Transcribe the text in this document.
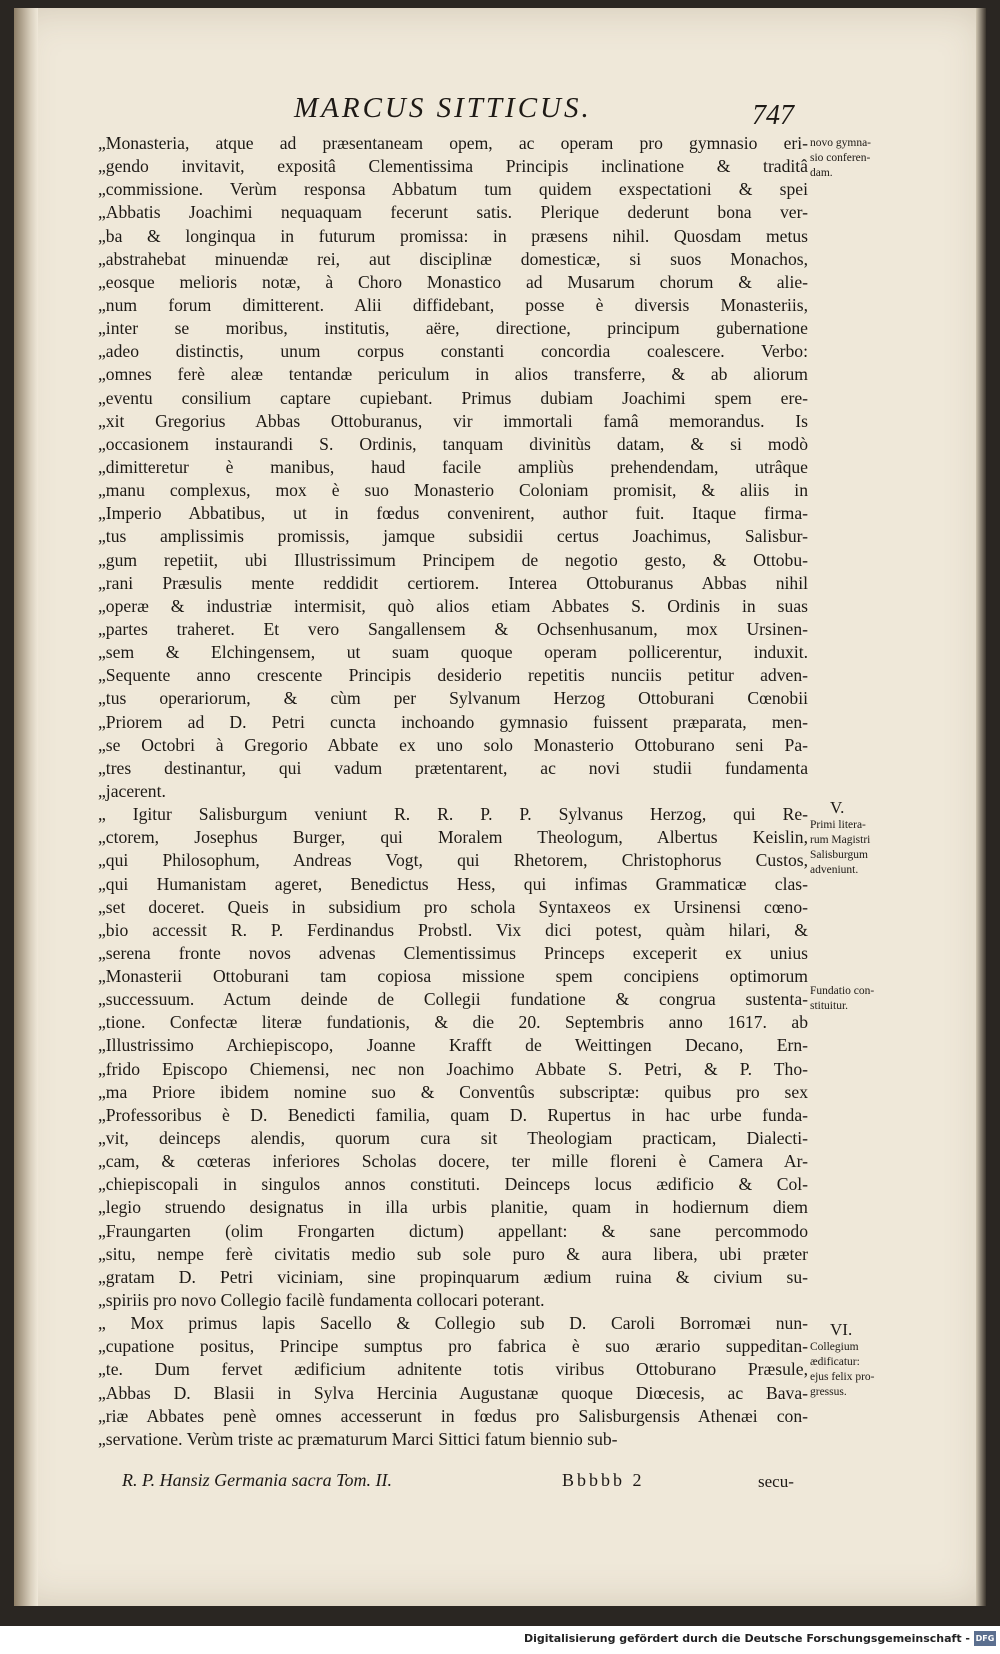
MARCUS SITTICUS.	747
„Monasteria, atque ad præsentaneam opem, ac operam pro gymnasio eri-
„gendo invitavit, expositâ Clementissima Principis inclinatione & traditâ
„commissione. Verùm responsa Abbatum tum quidem exspectationi & spei
„Abbatis Joachimi nequaquam fecerunt satis. Plerique dederunt bona ver-
„ba & longinqua in futurum promissa: in præsens nihil. Quosdam metus
„abstrahebat minuendæ rei, aut disciplinæ domesticæ, si suos Monachos,
„eosque melioris notæ, à Choro Monastico ad Musarum chorum & alie-
„num forum dimitterent. Alii diffidebant, posse è diversis Monasteriis,
„inter se moribus, institutis, aëre, directione, principum gubernatione
„adeo distinctis, unum corpus constanti concordia coalescere. Verbo:
„omnes ferè aleæ tentandæ periculum in alios transferre, & ab aliorum
„eventu consilium captare cupiebant. Primus dubiam Joachimi spem ere-
„xit Gregorius Abbas Ottoburanus, vir immortali famâ memorandus. Is
„occasionem instaurandi S. Ordinis, tanquam divinitùs datam, & si modò
„dimitteretur è manibus, haud facile ampliùs prehendendam, utrâque
„manu complexus, mox è suo Monasterio Coloniam promisit, & aliis in
„Imperio Abbatibus, ut in fœdus convenirent, author fuit. Itaque firma-
„tus amplissimis promissis, jamque subsidii certus Joachimus, Salisbur-
„gum repetiit, ubi Illustrissimum Principem de negotio gesto, & Ottobu-
„rani Præsulis mente reddidit certiorem. Interea Ottoburanus Abbas nihil
„operæ & industriæ intermisit, quò alios etiam Abbates S. Ordinis in suas
„partes traheret. Et vero Sangallensem & Ochsenhusanum, mox Ursinen-
„sem & Elchingensem, ut suam quoque operam pollicerentur, induxit.
„Sequente anno crescente Principis desiderio repetitis nunciis petitur adven-
„tus operariorum, & cùm per Sylvanum Herzog Ottoburani Cœnobii
„Priorem ad D. Petri cuncta inchoando gymnasio fuissent præparata, men-
„se Octobri à Gregorio Abbate ex uno solo Monasterio Ottoburano seni Pa-
„tres destinantur, qui vadum prætentarent, ac novi studii fundamenta
„jacerent.
„ Igitur Salisburgum veniunt R. R. P. P. Sylvanus Herzog, qui Re-
„ctorem, Josephus Burger, qui Moralem Theologum, Albertus Keislin,
„qui Philosophum, Andreas Vogt, qui Rhetorem, Christophorus Custos,
„qui Humanistam ageret, Benedictus Hess, qui infimas Grammaticæ clas-
„set doceret. Queis in subsidium pro schola Syntaxeos ex Ursinensi cœno-
„bio accessit R. P. Ferdinandus Probstl. Vix dici potest, quàm hilari, &
„serena fronte novos advenas Clementissimus Princeps exceperit ex unius
„Monasterii Ottoburani tam copiosa missione spem concipiens optimorum
„successuum. Actum deinde de Collegii fundatione & congrua sustenta-
„tione. Confectæ literæ fundationis, & die 20. Septembris anno 1617. ab
„Illustrissimo Archiepiscopo, Joanne Krafft de Weittingen Decano, Ern-
„frido Episcopo Chiemensi, nec non Joachimo Abbate S. Petri, & P. Tho-
„ma Priore ibidem nomine suo & Conventûs subscriptæ: quibus pro sex
„Professoribus è D. Benedicti familia, quam D. Rupertus in hac urbe funda-
„vit, deinceps alendis, quorum cura sit Theologiam practicam, Dialecti-
„cam, & cœteras inferiores Scholas docere, ter mille floreni è Camera Ar-
„chiepiscopali in singulos annos constituti. Deinceps locus ædificio & Col-
„legio struendo designatus in illa urbis planitie, quam in hodiernum diem
„Fraungarten (olim Frongarten dictum) appellant: & sane percommodo
„situ, nempe ferè civitatis medio sub sole puro & aura libera, ubi præter
„gratam D. Petri viciniam, sine propinquarum ædium ruina & civium su-
„spiriis pro novo Collegio facilè fundamenta collocari poterant.
„ Mox primus lapis Sacello & Collegio sub D. Caroli Borromæi nun-
„cupatione positus, Principe sumptus pro fabrica è suo ærario suppeditan-
„te. Dum fervet ædificium adnitente totis viribus Ottoburano Præsule,
„Abbas D. Blasii in Sylva Hercinia Augustanæ quoque Diœcesis, ac Bava-
„riæ Abbates penè omnes accesserunt in fœdus pro Salisburgensis Athenæi con-
„servatione. Verùm triste ac præmaturum Marci Sittici fatum biennio sub-
novo gymna-
sio conferen-
dam.
V.
Primi litera-
rum Magistri
Salisburgum
adveniunt.
Fundatio con-
stituitur.
VI.
Collegium
ædificatur:
ejus felix pro-
gressus.
R. P. Hansiz Germania sacra Tom. II.	Bbbbb 2	secu-
Digitalisierung gefördert durch die Deutsche Forschungsgemeinschaft - DFG
